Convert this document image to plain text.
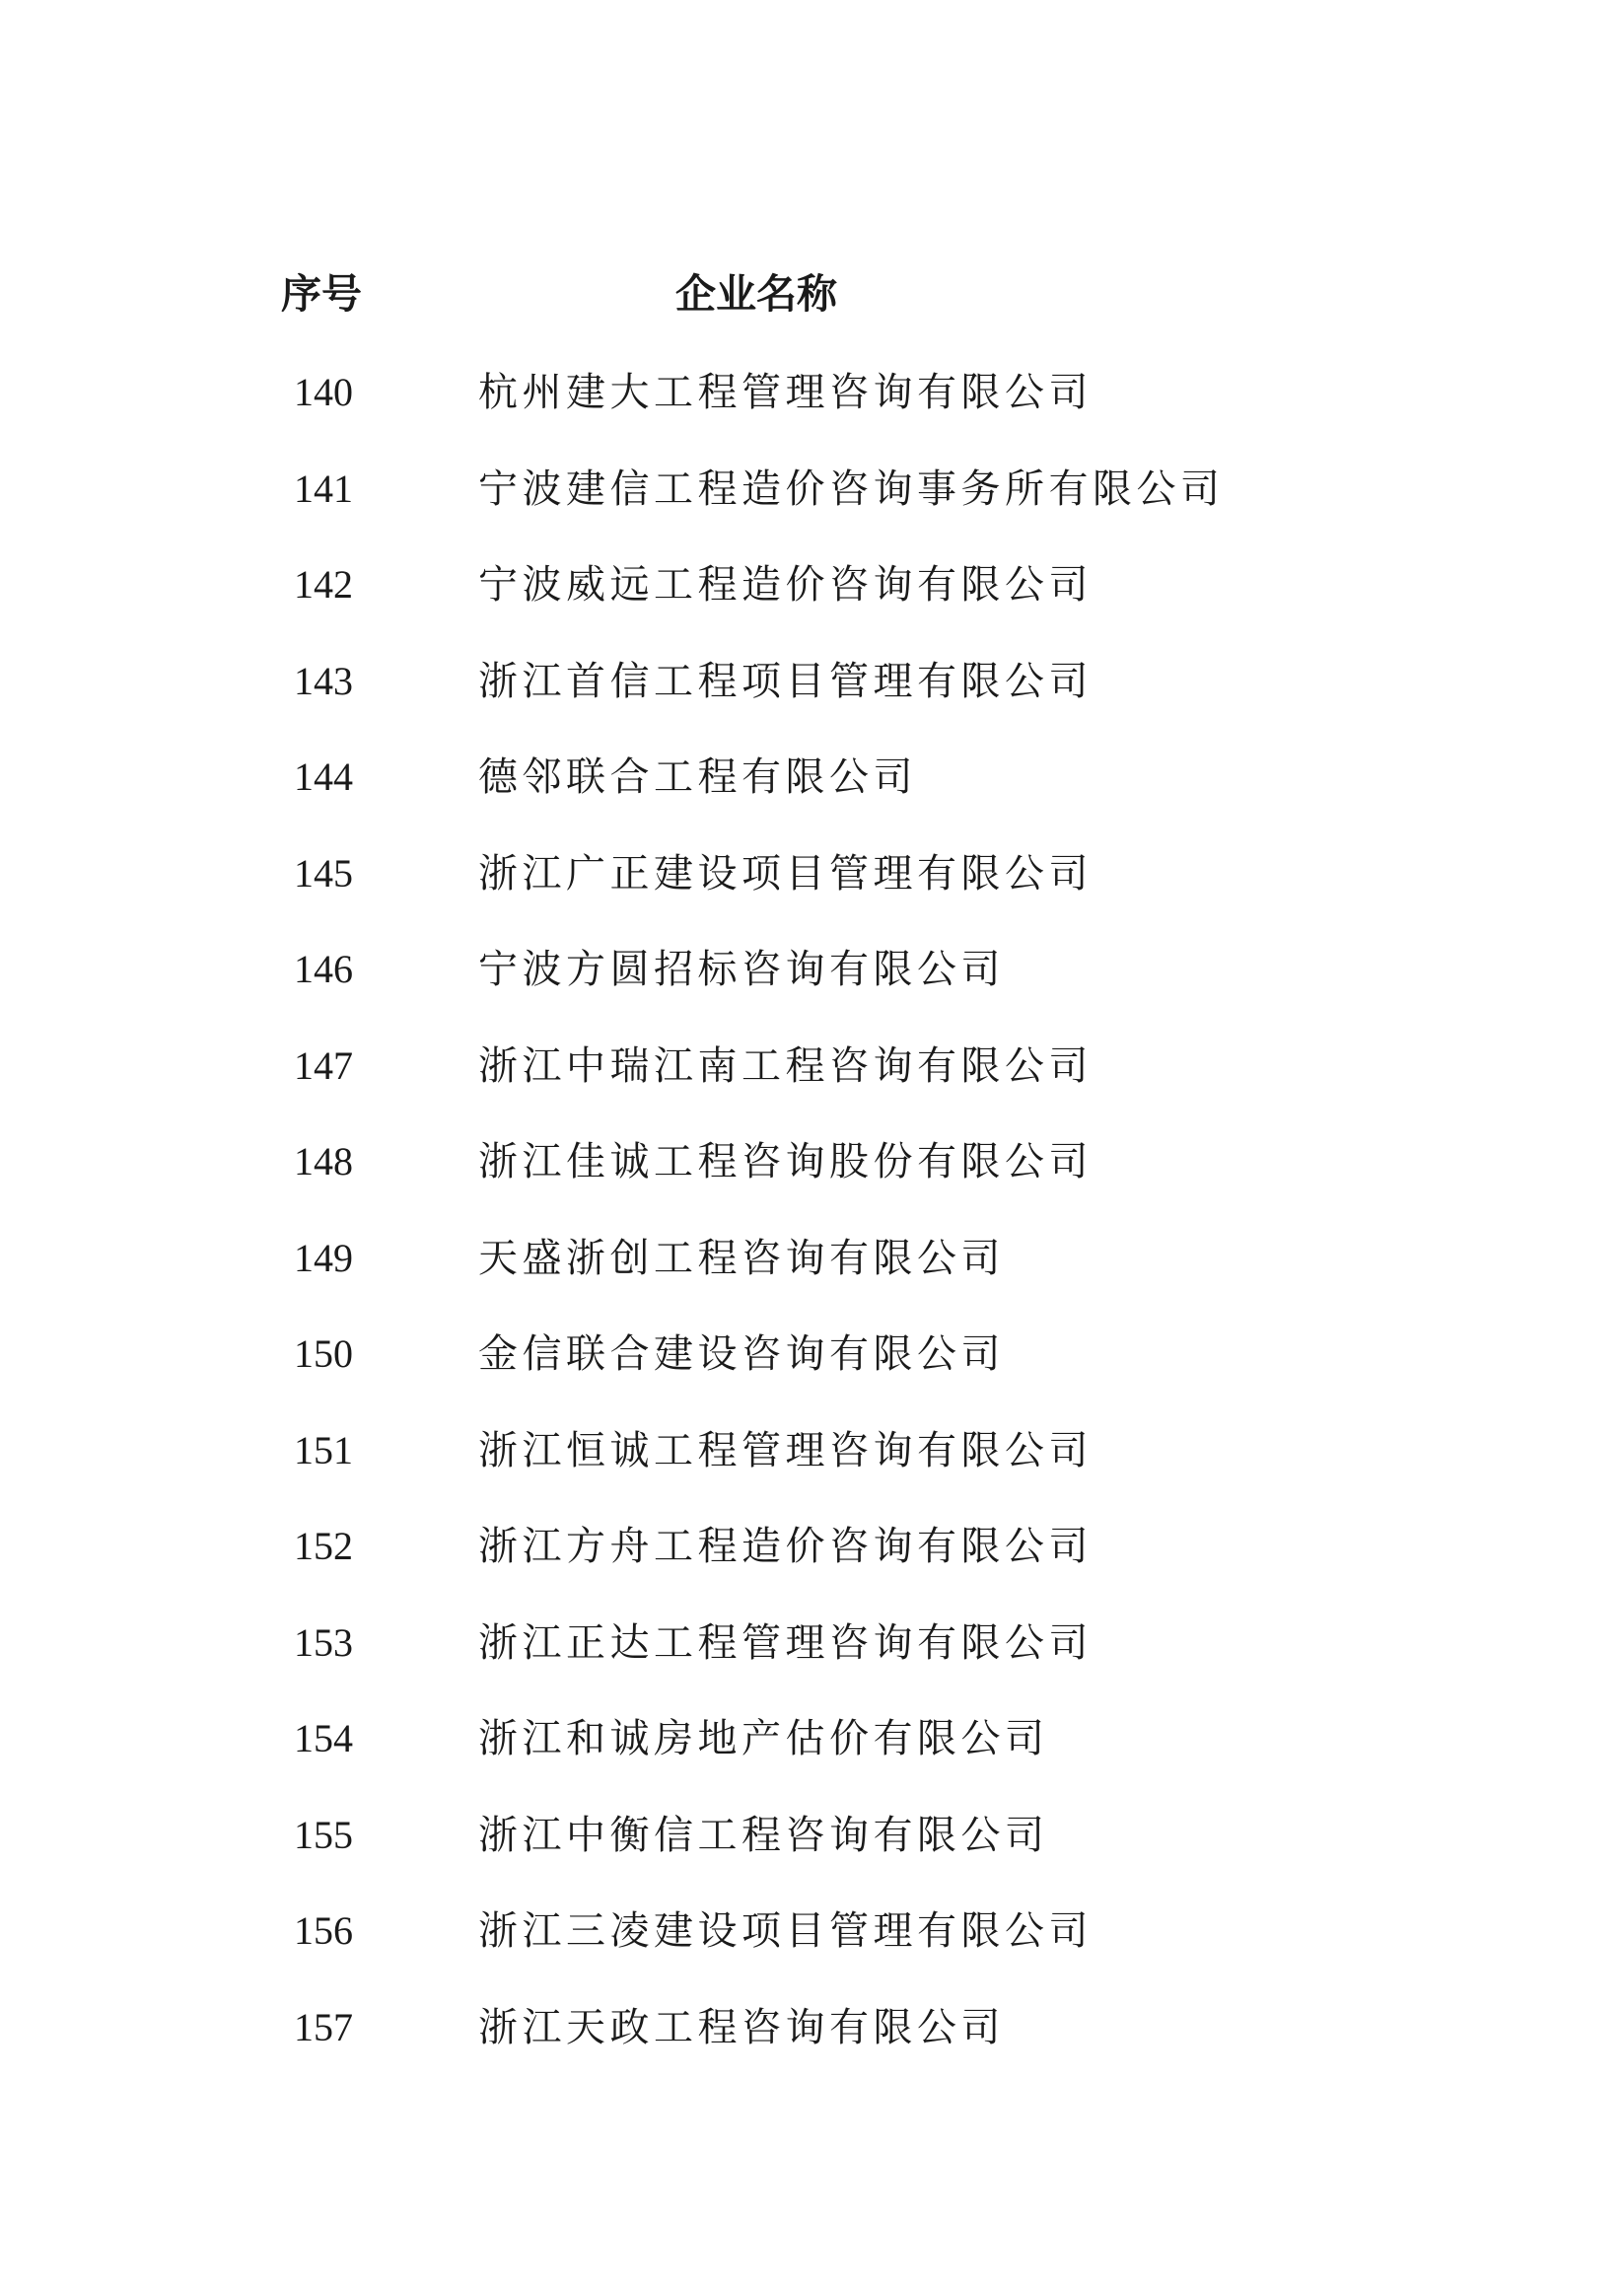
序号	企业名称
140	杭州建大工程管理咨询有限公司
141	宁波建信工程造价咨询事务所有限公司
142	宁波威远工程造价咨询有限公司
143	浙江首信工程项目管理有限公司
144	德邻联合工程有限公司
145	浙江广正建设项目管理有限公司
146	宁波方圆招标咨询有限公司
147	浙江中瑞江南工程咨询有限公司
148	浙江佳诚工程咨询股份有限公司
149	天盛浙创工程咨询有限公司
150	金信联合建设咨询有限公司
151	浙江恒诚工程管理咨询有限公司
152	浙江方舟工程造价咨询有限公司
153	浙江正达工程管理咨询有限公司
154	浙江和诚房地产估价有限公司
155	浙江中衡信工程咨询有限公司
156	浙江三凌建设项目管理有限公司
157	浙江天政工程咨询有限公司
